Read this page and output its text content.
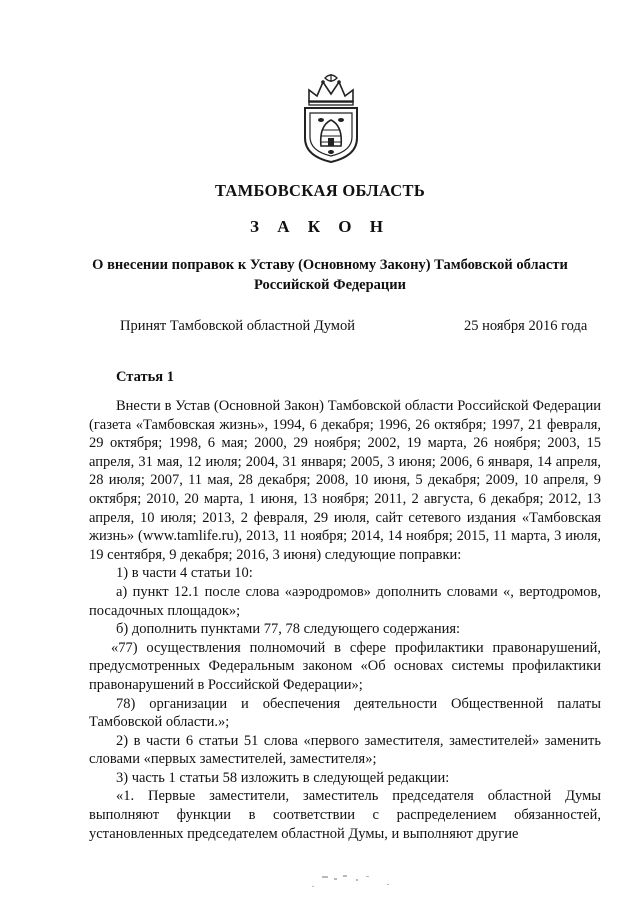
ТАМБОВСКАЯ ОБЛАСТЬ
З А К О Н
О внесении поправок к Уставу (Основному Закону) Тамбовской области
Российской Федерации
Принят Тамбовской областной Думой	25 ноября 2016 года
Статья 1

Внести в Устав (Основной Закон) Тамбовской области Российской Федерации (газета «Тамбовская жизнь», 1994, 6 декабря; 1996, 26 октября; 1997, 21 февраля, 29 октября; 1998, 6 мая; 2000, 29 ноября; 2002, 19 марта, 26 ноября; 2003, 15 апреля, 31 мая, 12 июля; 2004, 31 января; 2005, 3 июня; 2006, 6 января, 14 апреля, 28 июля; 2007, 11 мая, 28 декабря; 2008, 10 июня, 5 декабря; 2009, 10 апреля, 9 октября; 2010, 20 марта, 1 июня, 13 ноября; 2011, 2 августа, 6 декабря; 2012, 13 апреля, 10 июля; 2013, 2 февраля, 29 июля, сайт сетевого издания «Тамбовская жизнь» (www.tamlife.ru), 2013, 11 ноября; 2014, 14 ноября; 2015, 11 марта, 3 июля, 19 сентября, 9 декабря; 2016, 3 июня) следующие поправки:

1) в части 4 статьи 10:

а) пункт 12.1 после слова «аэродромов» дополнить словами «, вертодромов, посадочных площадок»;

б) дополнить пунктами 77, 78 следующего содержания:

«77) осуществления полномочий в сфере профилактики правонарушений, предусмотренных Федеральным законом «Об основах системы профилактики правонарушений в Российской Федерации»;

78) организации и обеспечения деятельности Общественной палаты Тамбовской области.»;

2) в части 6 статьи 51 слова «первого заместителя, заместителей» заменить словами «первых заместителей, заместителя»;

3) часть 1 статьи 58 изложить в следующей редакции:

«1. Первые заместители, заместитель председателя областной Думы выполняют функции в соответствии с распределением обязанностей, установленных председателем областной Думы, и выполняют другие
